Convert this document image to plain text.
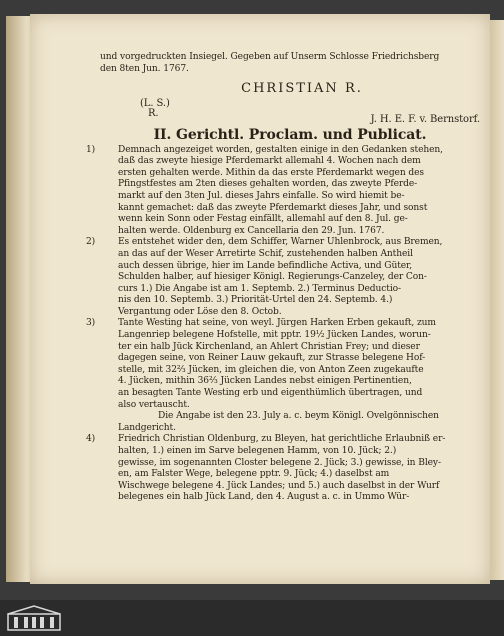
und vorgedruckten Insiegel. Gegeben auf Unserm Schlosse Friedrichsberg
den 8ten Jun. 1767.
CHRISTIAN R.
(L. S.)
R.
J. H. E. F. v. Bernstorf.
II. Gerichtl. Proclam. und Publicat.
1)	Demnach angezeiget worden, gestalten einige in den Gedanken stehen,
daß das zweyte hiesige Pferdemarkt allemahl 4. Wochen nach dem
ersten gehalten werde. Mithin da das erste Pferdemarkt wegen des
Pfingstfestes am 2ten dieses gehalten worden, das zweyte Pferde-
markt auf den 3ten Jul. dieses Jahrs einfalle. So wird hiemit be-
kannt gemachet: daß das zweyte Pferdemarkt dieses Jahr, und sonst
wenn kein Sonn oder Festag einfällt, allemahl auf den 8. Jul. ge-
halten werde. Oldenburg ex Cancellaria den 29. Jun. 1767.
2)	Es entstehet wider den, dem Schiffer, Warner Uhlenbrock, aus Bremen,
an das auf der Weser Arretirte Schif, zustehenden halben Antheil
auch dessen übrige, hier im Lande befindliche Activa, und Güter,
Schulden halber, auf hiesiger Königl. Regierungs-Canzeley, der Con-
curs 1.) Die Angabe ist am 1. Septemb. 2.) Terminus Deductio-
nis den 10. Septemb. 3.) Priorität-Urtel den 24. Septemb. 4.)
Vergantung oder Löse den 8. Octob.
3)	Tante Westing hat seine, von weyl. Jürgen Harken Erben gekauft, zum
Langenriep belegene Hofstelle, mit pptr. 19½ Jücken Landes, worun-
ter ein halb Jück Kirchenland, an Ahlert Christian Frey; und dieser
dagegen seine, von Reiner Lauw gekauft, zur Strasse belegene Hof-
stelle, mit 32⅔ Jücken, im gleichen die, von Anton Zeen zugekaufte
4. Jücken, mithin 36⅔ Jücken Landes nebst einigen Pertinentien,
an besagten Tante Westing erb und eigenthümlich übertragen, und
also vertauscht.
Die Angabe ist den 23. July a. c. beym Königl. Ovelgönnischen
Landgericht.
4)	Friedrich Christian Oldenburg, zu Bleyen, hat gerichtliche Erlaubniß er-
halten, 1.) einen im Sarve belegenen Hamm, von 10. Jück; 2.)
gewisse, im sogenannten Closter belegene 2. Jück; 3.) gewisse, in Bley-
en, am Falster Wege, belegene pptr. 9. Jück; 4.) daselbst am
Wischwege belegene 4. Jück Landes; und 5.) auch daselbst in der Wurf
belegenes ein halb Jück Land, den 4. August a. c. in Ummo Wür-
